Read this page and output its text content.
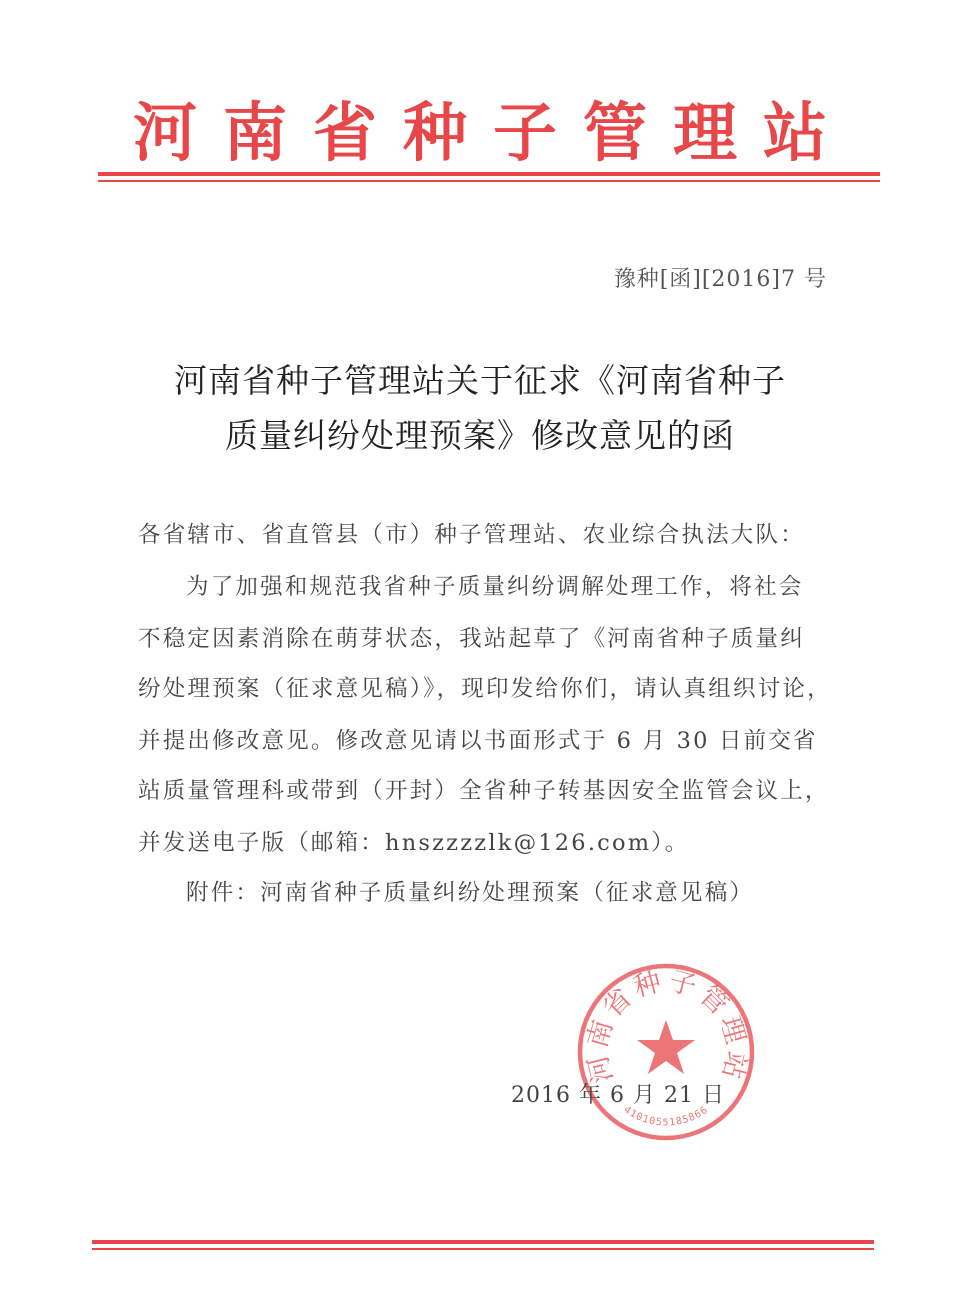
河南省种子管理站
豫种[函][2016]7 号
河南省种子管理站关于征求《河南省种子
质量纠纷处理预案》修改意见的函
各省辖市、省直管县（市）种子管理站、农业综合执法大队：
为了加强和规范我省种子质量纠纷调解处理工作，将社会
不稳定因素消除在萌芽状态，我站起草了《河南省种子质量纠
纷处理预案（征求意见稿）》，现印发给你们，请认真组织讨论，
并提出修改意见。修改意见请以书面形式于 6 月 30 日前交省
站质量管理科或带到（开封）全省种子转基因安全监管会议上，
并发送电子版（邮箱：hnszzzzlk@126.com）。
附件：河南省种子质量纠纷处理预案（征求意见稿）
河南省种子管理站
4101055185866
2016 年 6 月 21 日
